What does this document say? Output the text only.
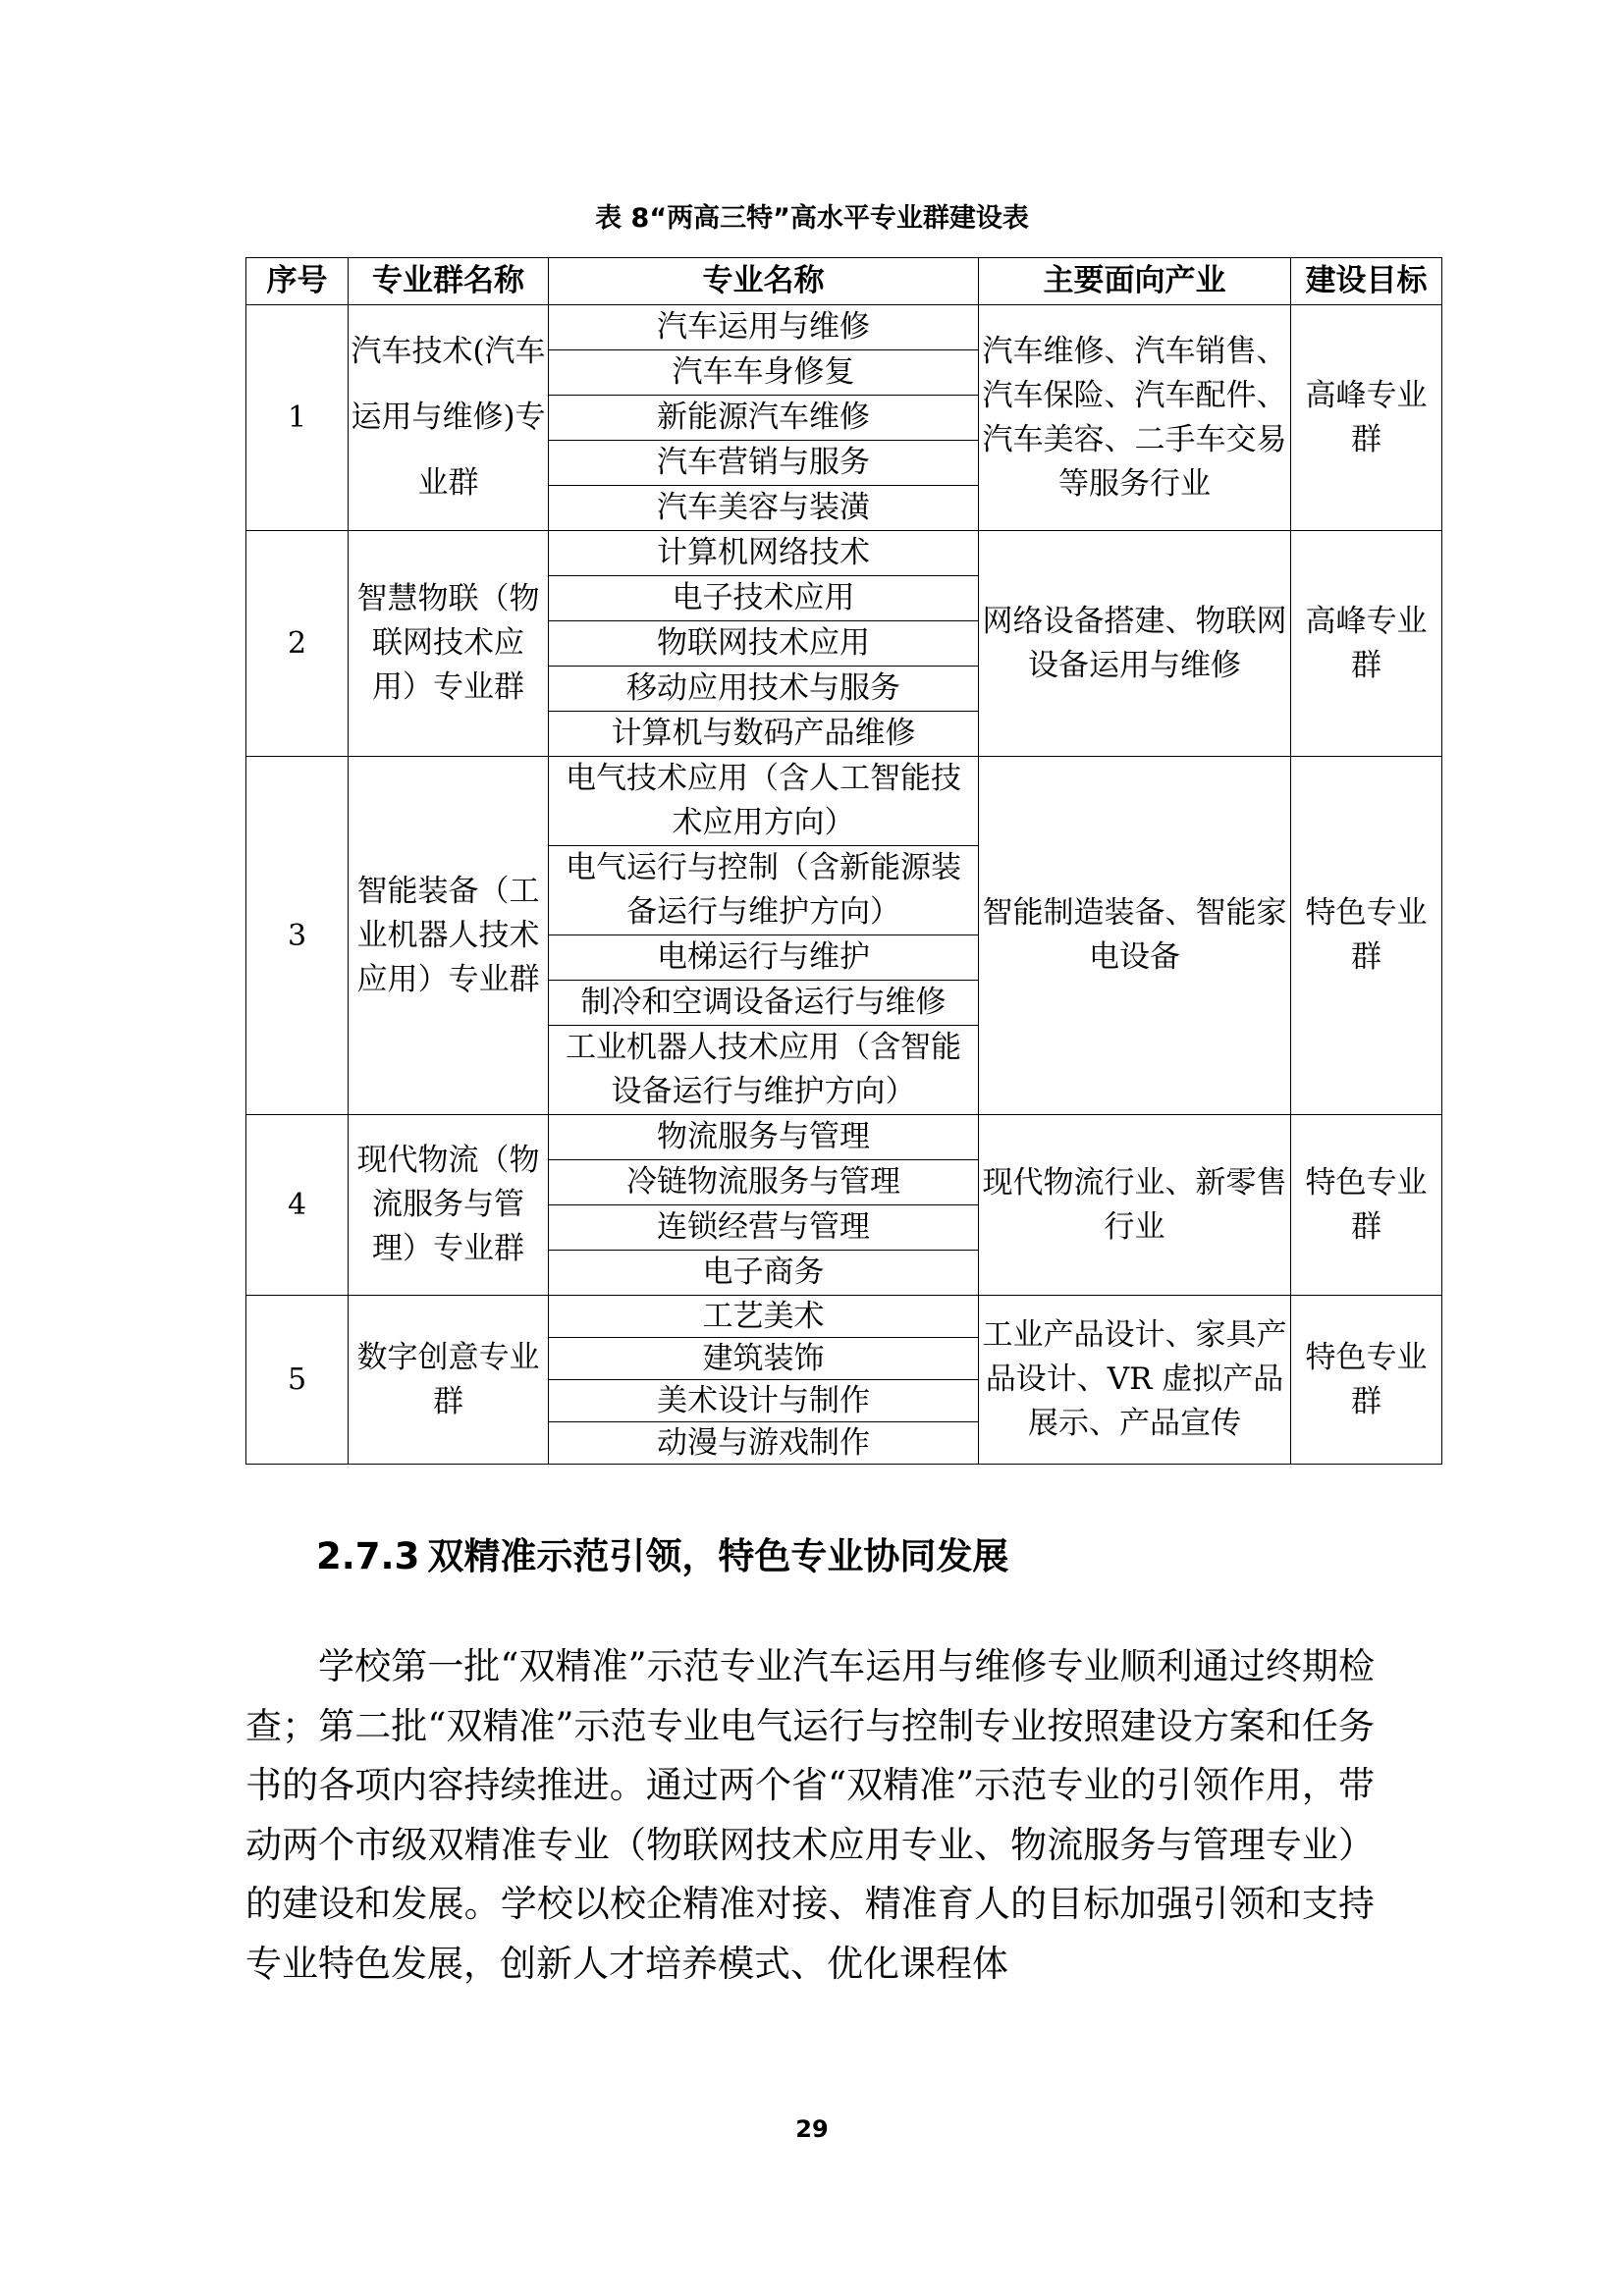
表 8“两高三特”高水平专业群建设表
序号	专业群名称	专业名称	主要面向产业	建设目标
1	汽车技术(汽车运用与维修)专业群	汽车运用与维修	汽车维修、汽车销售、汽车保险、汽车配件、汽车美容、二手车交易等服务行业	高峰专业群
		汽车车身修复		
		新能源汽车维修		
		汽车营销与服务		
		汽车美容与装潢		
2	智慧物联（物联网技术应用）专业群	计算机网络技术	网络设备搭建、物联网设备运用与维修	高峰专业群
		电子技术应用		
		物联网技术应用		
		移动应用技术与服务		
		计算机与数码产品维修		
3	智能装备（工业机器人技术应用）专业群	电气技术应用（含人工智能技术应用方向）	智能制造装备、智能家电设备	特色专业群
		电气运行与控制（含新能源装备运行与维护方向）		
		电梯运行与维护		
		制冷和空调设备运行与维修		
		工业机器人技术应用（含智能设备运行与维护方向）		
4	现代物流（物流服务与管理）专业群	物流服务与管理	现代物流行业、新零售行业	特色专业群
		冷链物流服务与管理		
		连锁经营与管理		
		电子商务		
5	数字创意专业群	工艺美术	工业产品设计、家具产品设计、VR 虚拟产品展示、产品宣传	特色专业群
		建筑装饰		
		美术设计与制作		
		动漫与游戏制作		
2.7.3 双精准示范引领，特色专业协同发展

学校第一批“双精准”示范专业汽车运用与维修专业顺利通过终期检查；第二批“双精准”示范专业电气运行与控制专业按照建设方案和任务书的各项内容持续推进。通过两个省“双精准”示范专业的引领作用，带动两个市级双精准专业（物联网技术应用专业、物流服务与管理专业）的建设和发展。学校以校企精准对接、精准育人的目标加强引领和支持专业特色发展，创新人才培养模式、优化课程体

29
